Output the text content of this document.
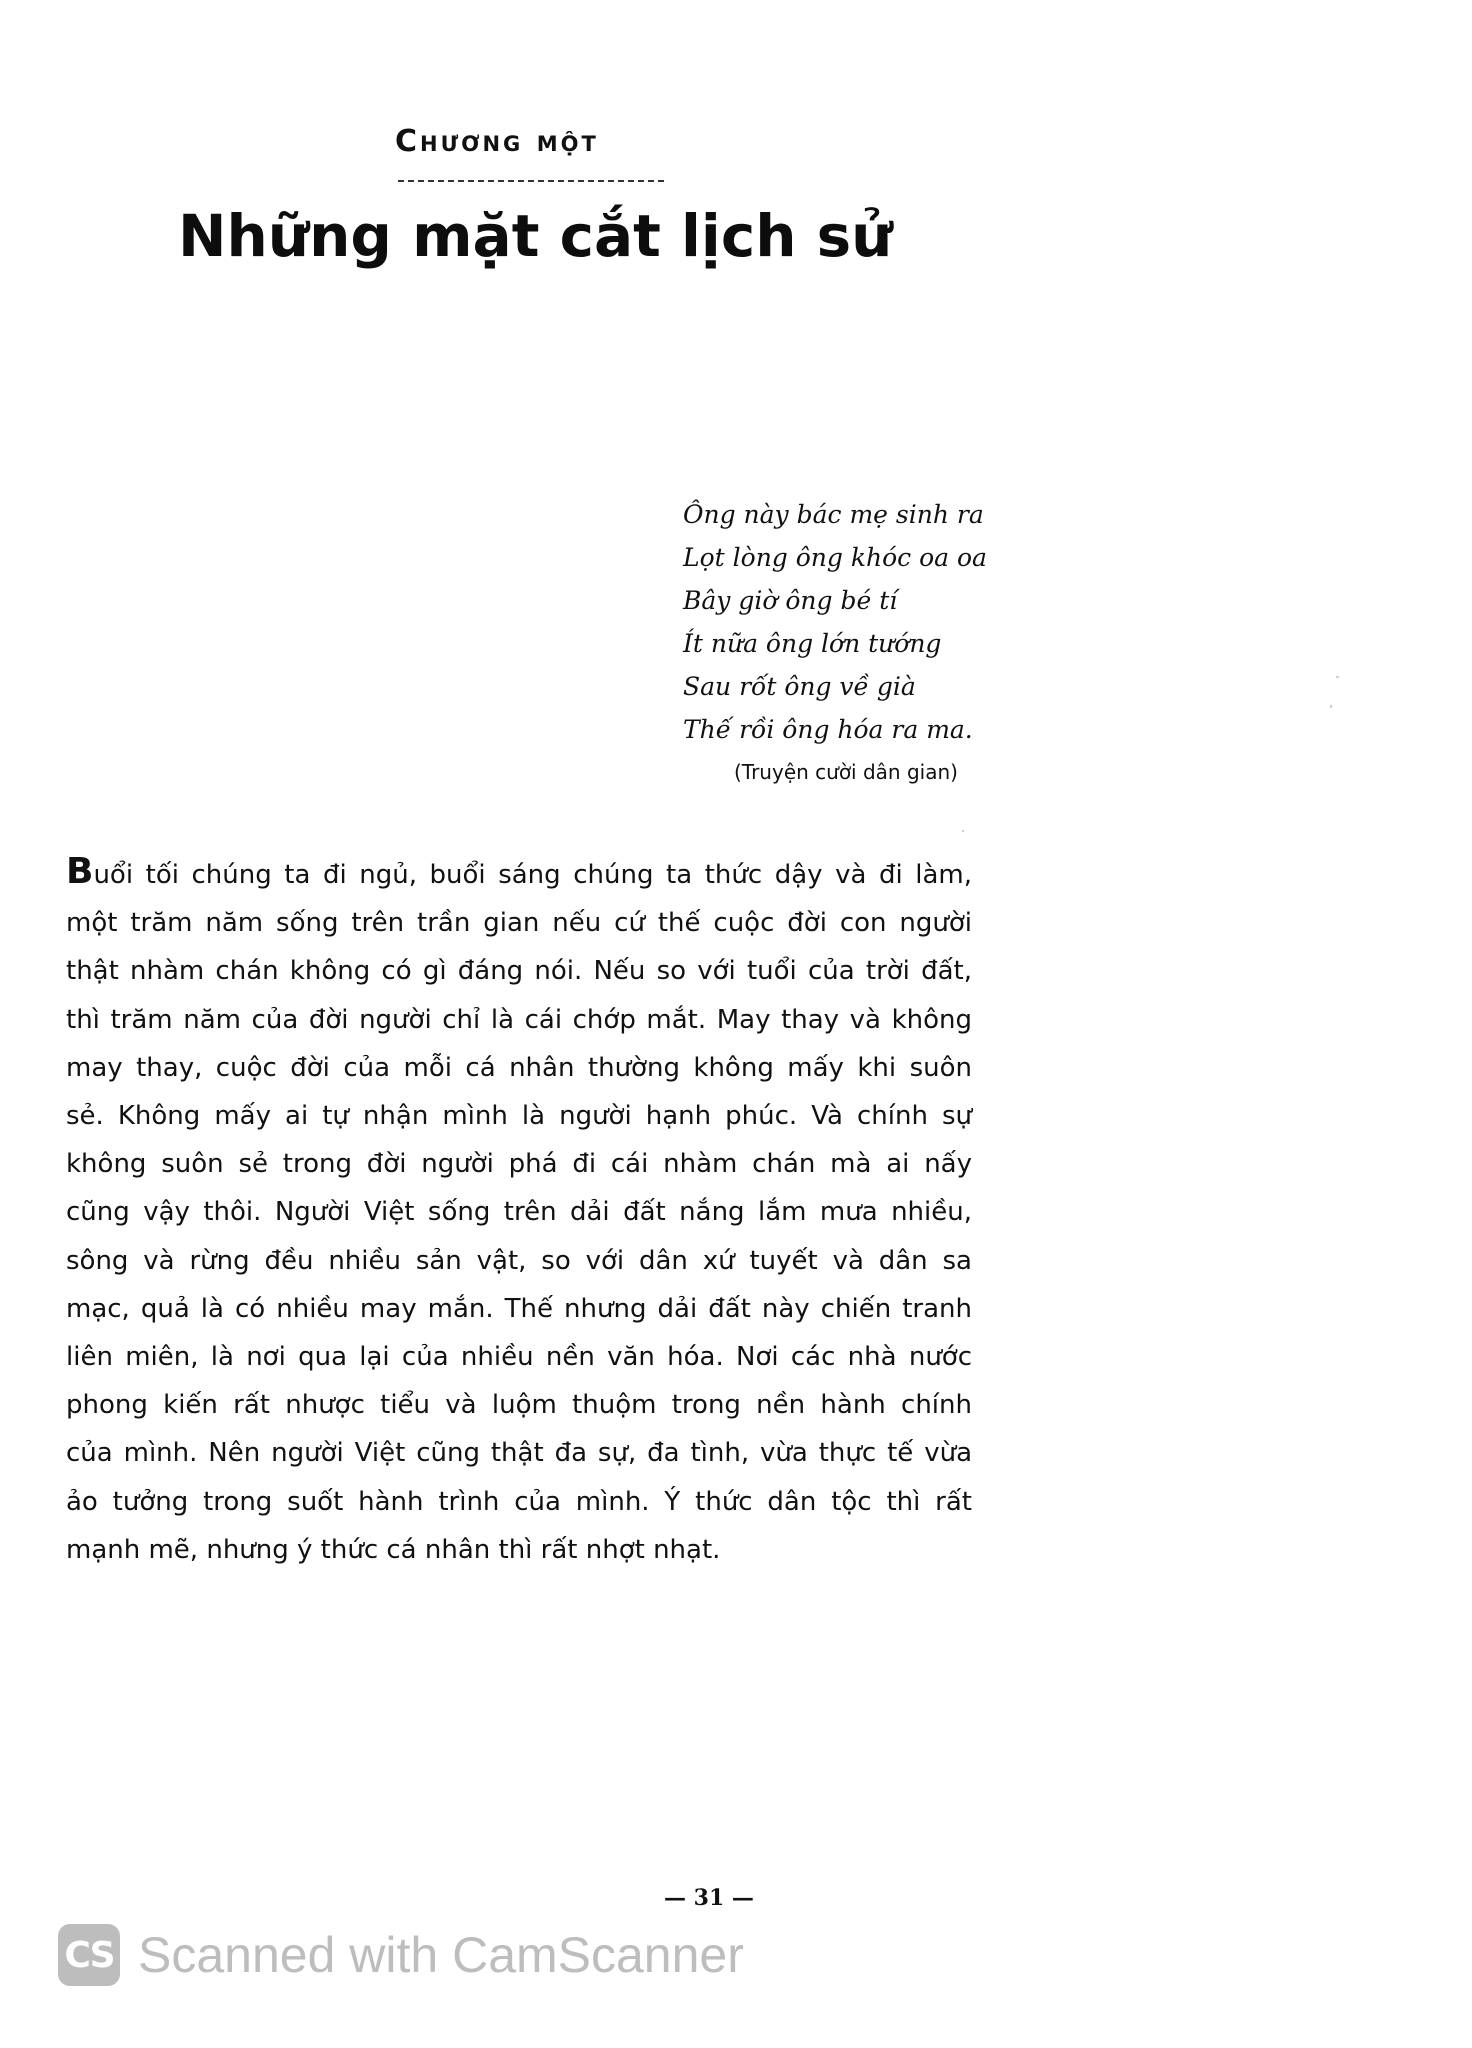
Chương một
Những mặt cắt lịch sử
Ông này bác mẹ sinh ra
Lọt lòng ông khóc oa oa
Bây giờ ông bé tí
Ít nữa ông lớn tướng
Sau rốt ông về già
Thế rồi ông hóa ra ma.
(Truyện cười dân gian)
Buổi tối chúng ta đi ngủ, buổi sáng chúng ta thức dậy và đi làm,
một trăm năm sống trên trần gian nếu cứ thế cuộc đời con người
thật nhàm chán không có gì đáng nói. Nếu so với tuổi của trời đất,
thì trăm năm của đời người chỉ là cái chớp mắt. May thay và không
may thay, cuộc đời của mỗi cá nhân thường không mấy khi suôn
sẻ. Không mấy ai tự nhận mình là người hạnh phúc. Và chính sự
không suôn sẻ trong đời người phá đi cái nhàm chán mà ai nấy
cũng vậy thôi. Người Việt sống trên dải đất nắng lắm mưa nhiều,
sông và rừng đều nhiều sản vật, so với dân xứ tuyết và dân sa
mạc, quả là có nhiều may mắn. Thế nhưng dải đất này chiến tranh
liên miên, là nơi qua lại của nhiều nền văn hóa. Nơi các nhà nước
phong kiến rất nhược tiểu và luộm thuộm trong nền hành chính
của mình. Nên người Việt cũng thật đa sự, đa tình, vừa thực tế vừa
ảo tưởng trong suốt hành trình của mình. Ý thức dân tộc thì rất
mạnh mẽ, nhưng ý thức cá nhân thì rất nhợt nhạt.
— 31 —
CS Scanned with CamScanner
